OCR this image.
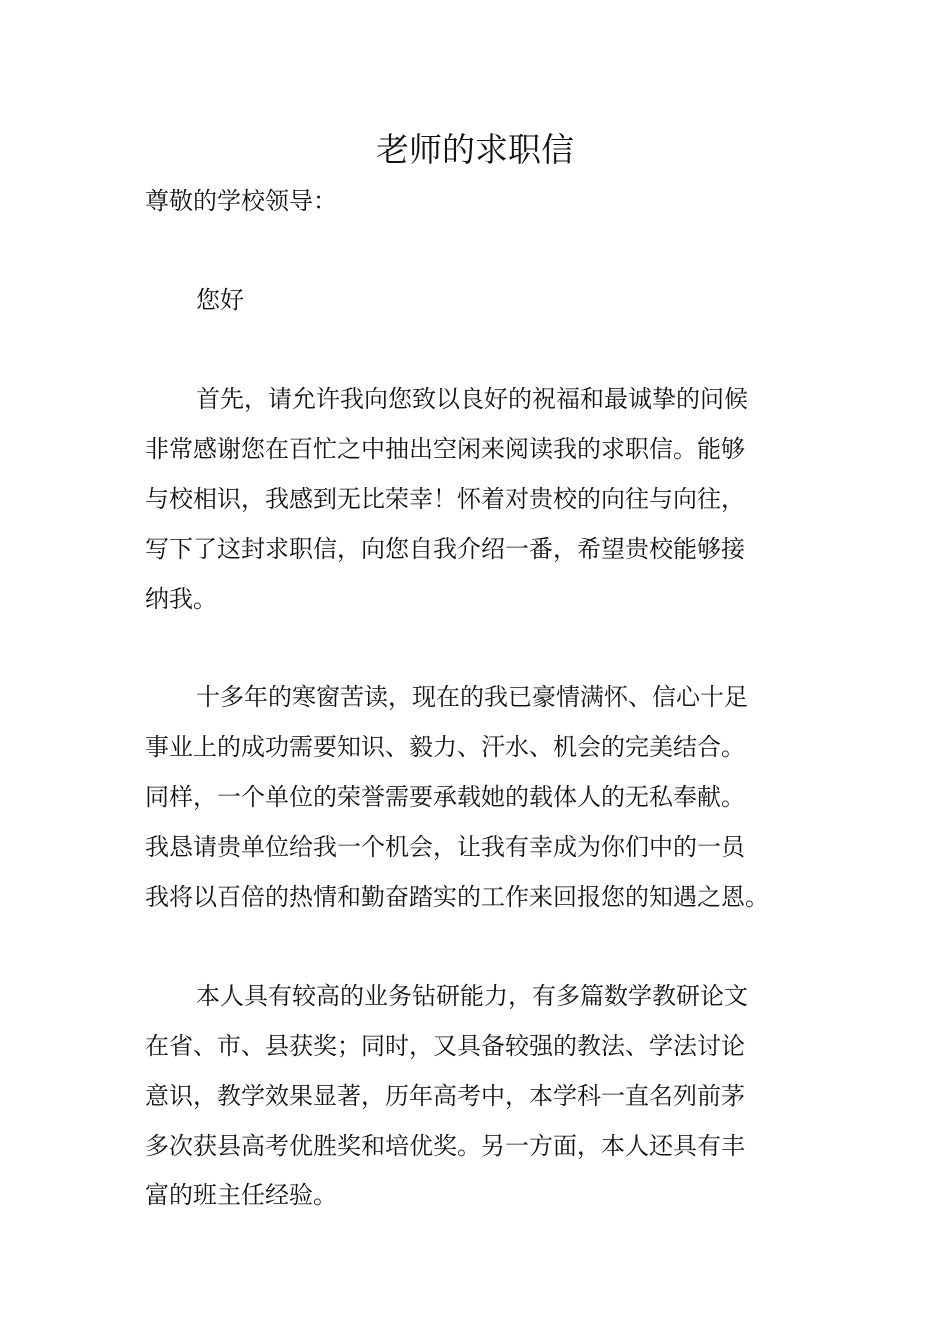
老师的求职信

尊敬的学校领导：

您好

首先，请允许我向您致以良好的祝福和最诚挚的问候

非常感谢您在百忙之中抽出空闲来阅读我的求职信。能够

与校相识，我感到无比荣幸！怀着对贵校的向往与向往，

写下了这封求职信，向您自我介绍一番，希望贵校能够接

纳我。

十多年的寒窗苦读，现在的我已豪情满怀、信心十足

事业上的成功需要知识、毅力、汗水、机会的完美结合。

同样，一个单位的荣誉需要承载她的载体人的无私奉献。

我恳请贵单位给我一个机会，让我有幸成为你们中的一员

我将以百倍的热情和勤奋踏实的工作来回报您的知遇之恩。

本人具有较高的业务钻研能力，有多篇数学教研论文

在省、市、县获奖；同时，又具备较强的教法、学法讨论

意识，教学效果显著，历年高考中，本学科一直名列前茅

多次获县高考优胜奖和培优奖。另一方面，本人还具有丰

富的班主任经验。
